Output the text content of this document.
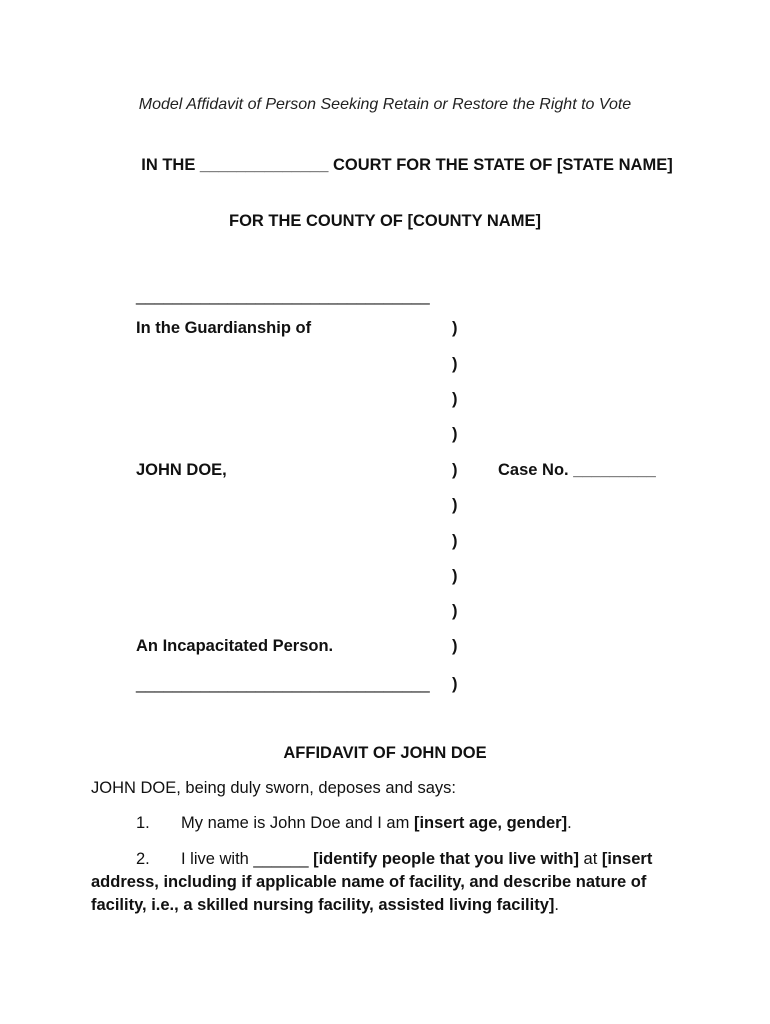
Model Affidavit of Person Seeking Retain or Restore the Right to Vote
IN THE ______________ COURT FOR THE STATE OF [STATE NAME]
FOR THE COUNTY OF [COUNTY NAME]
________________________________
In the Guardianship of
JOHN DOE,
An Incapacitated Person.
________________________________
)
)
)
)
)
)
)
)
)
)
)
Case No. _________
AFFIDAVIT OF JOHN DOE
JOHN DOE, being duly sworn, deposes and says:
1. My name is John Doe and I am [insert age, gender].
2. I live with ______ [identify people that you live with] at [insert address, including if applicable name of facility, and describe nature of facility, i.e., a skilled nursing facility, assisted living facility].
